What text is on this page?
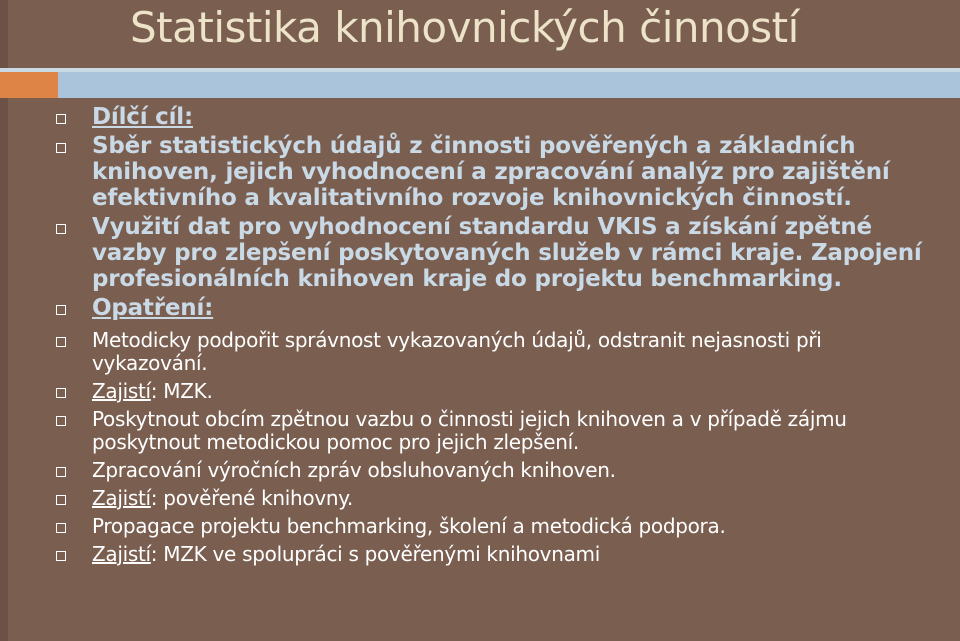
Statistika knihovnických činností
Dílčí cíl:
Sběr statistických údajů z činnosti pověřených a základních knihoven, jejich vyhodnocení a zpracování analýz pro zajištění efektivního a kvalitativního rozvoje knihovnických činností.
Využití dat pro vyhodnocení standardu VKIS a získání zpětné vazby pro zlepšení poskytovaných služeb v rámci kraje. Zapojení profesionálních knihoven kraje do projektu benchmarking.
Opatření:
Metodicky podpořit správnost vykazovaných údajů, odstranit nejasnosti při vykazování.
Zajistí: MZK.
Poskytnout obcím zpětnou vazbu o činnosti jejich knihoven a v případě zájmu poskytnout metodickou pomoc pro jejich zlepšení.
Zpracování výročních zpráv obsluhovaných knihoven.
Zajistí: pověřené knihovny.
Propagace projektu benchmarking, školení a metodická podpora.
Zajistí: MZK ve spolupráci s pověřenými knihovnami
